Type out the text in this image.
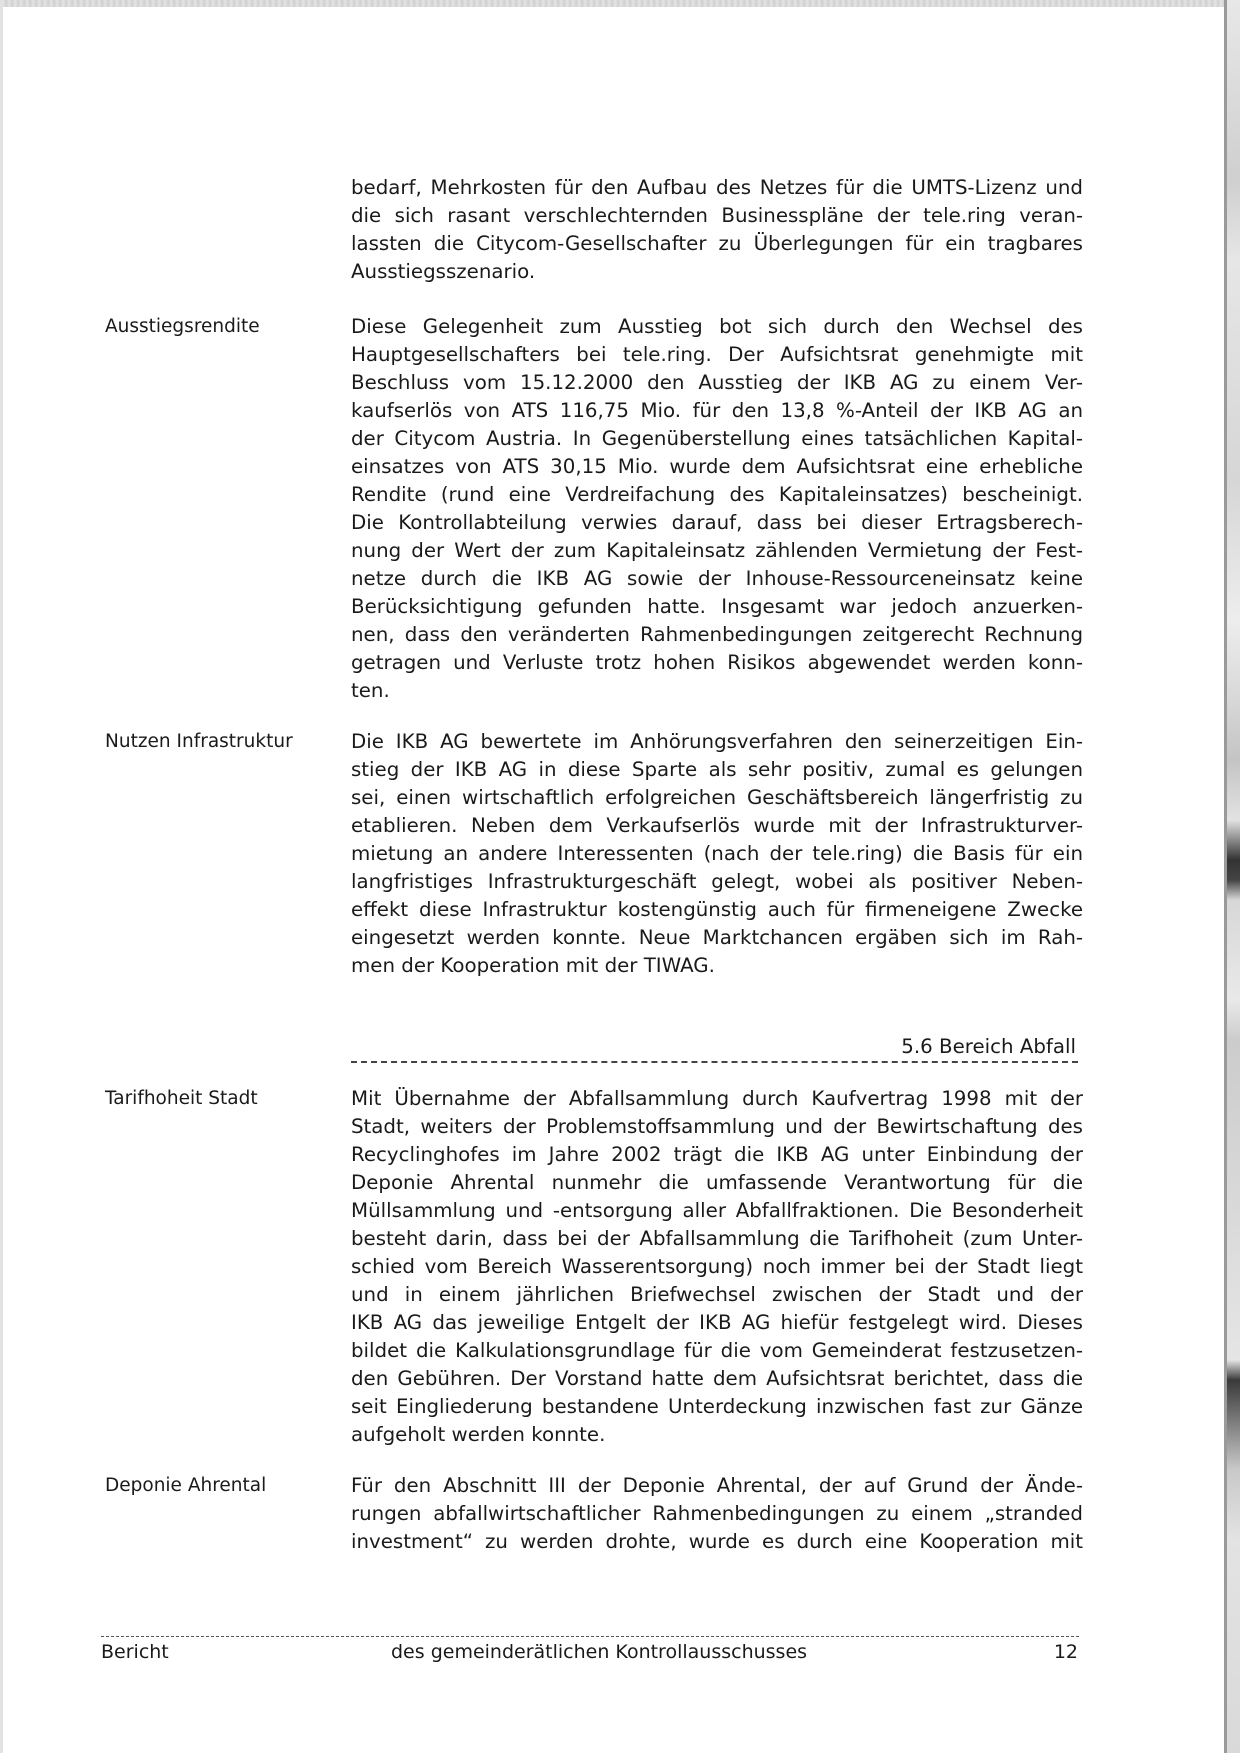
bedarf, Mehrkosten für den Aufbau des Netzes für die UMTS-Lizenz und
die sich rasant verschlechternden Businesspläne der tele.ring veran-
lassten die Citycom-Gesellschafter zu Überlegungen für ein tragbares
Ausstiegsszenario.
Ausstiegsrendite	Diese Gelegenheit zum Ausstieg bot sich durch den Wechsel des
Hauptgesellschafters bei tele.ring. Der Aufsichtsrat genehmigte mit
Beschluss vom 15.12.2000 den Ausstieg der IKB AG zu einem Ver-
kaufserlös von ATS 116,75 Mio. für den 13,8 %-Anteil der IKB AG an
der Citycom Austria. In Gegenüberstellung eines tatsächlichen Kapital-
einsatzes von ATS 30,15 Mio. wurde dem Aufsichtsrat eine erhebliche
Rendite (rund eine Verdreifachung des Kapitaleinsatzes) bescheinigt.
Die Kontrollabteilung verwies darauf, dass bei dieser Ertragsberech-
nung der Wert der zum Kapitaleinsatz zählenden Vermietung der Fest-
netze durch die IKB AG sowie der Inhouse-Ressourceneinsatz keine
Berücksichtigung gefunden hatte. Insgesamt war jedoch anzuerken-
nen, dass den veränderten Rahmenbedingungen zeitgerecht Rechnung
getragen und Verluste trotz hohen Risikos abgewendet werden konn-
ten.
Nutzen Infrastruktur	Die IKB AG bewertete im Anhörungsverfahren den seinerzeitigen Ein-
stieg der IKB AG in diese Sparte als sehr positiv, zumal es gelungen
sei, einen wirtschaftlich erfolgreichen Geschäftsbereich längerfristig zu
etablieren. Neben dem Verkaufserlös wurde mit der Infrastrukturver-
mietung an andere Interessenten (nach der tele.ring) die Basis für ein
langfristiges Infrastrukturgeschäft gelegt, wobei als positiver Neben-
effekt diese Infrastruktur kostengünstig auch für firmeneigene Zwecke
eingesetzt werden konnte. Neue Marktchancen ergäben sich im Rah-
men der Kooperation mit der TIWAG.
5.6 Bereich Abfall
Tarifhoheit Stadt	Mit Übernahme der Abfallsammlung durch Kaufvertrag 1998 mit der
Stadt, weiters der Problemstoffsammlung und der Bewirtschaftung des
Recyclinghofes im Jahre 2002 trägt die IKB AG unter Einbindung der
Deponie Ahrental nunmehr die umfassende Verantwortung für die
Müllsammlung und -entsorgung aller Abfallfraktionen. Die Besonderheit
besteht darin, dass bei der Abfallsammlung die Tarifhoheit (zum Unter-
schied vom Bereich Wasserentsorgung) noch immer bei der Stadt liegt
und in einem jährlichen Briefwechsel zwischen der Stadt und der
IKB AG das jeweilige Entgelt der IKB AG hiefür festgelegt wird. Dieses
bildet die Kalkulationsgrundlage für die vom Gemeinderat festzusetzen-
den Gebühren. Der Vorstand hatte dem Aufsichtsrat berichtet, dass die
seit Eingliederung bestandene Unterdeckung inzwischen fast zur Gänze
aufgeholt werden konnte.
Deponie Ahrental	Für den Abschnitt III der Deponie Ahrental, der auf Grund der Ände-
rungen abfallwirtschaftlicher Rahmenbedingungen zu einem „stranded
investment“ zu werden drohte, wurde es durch eine Kooperation mit
Bericht	des gemeinderätlichen Kontrollausschusses	12
